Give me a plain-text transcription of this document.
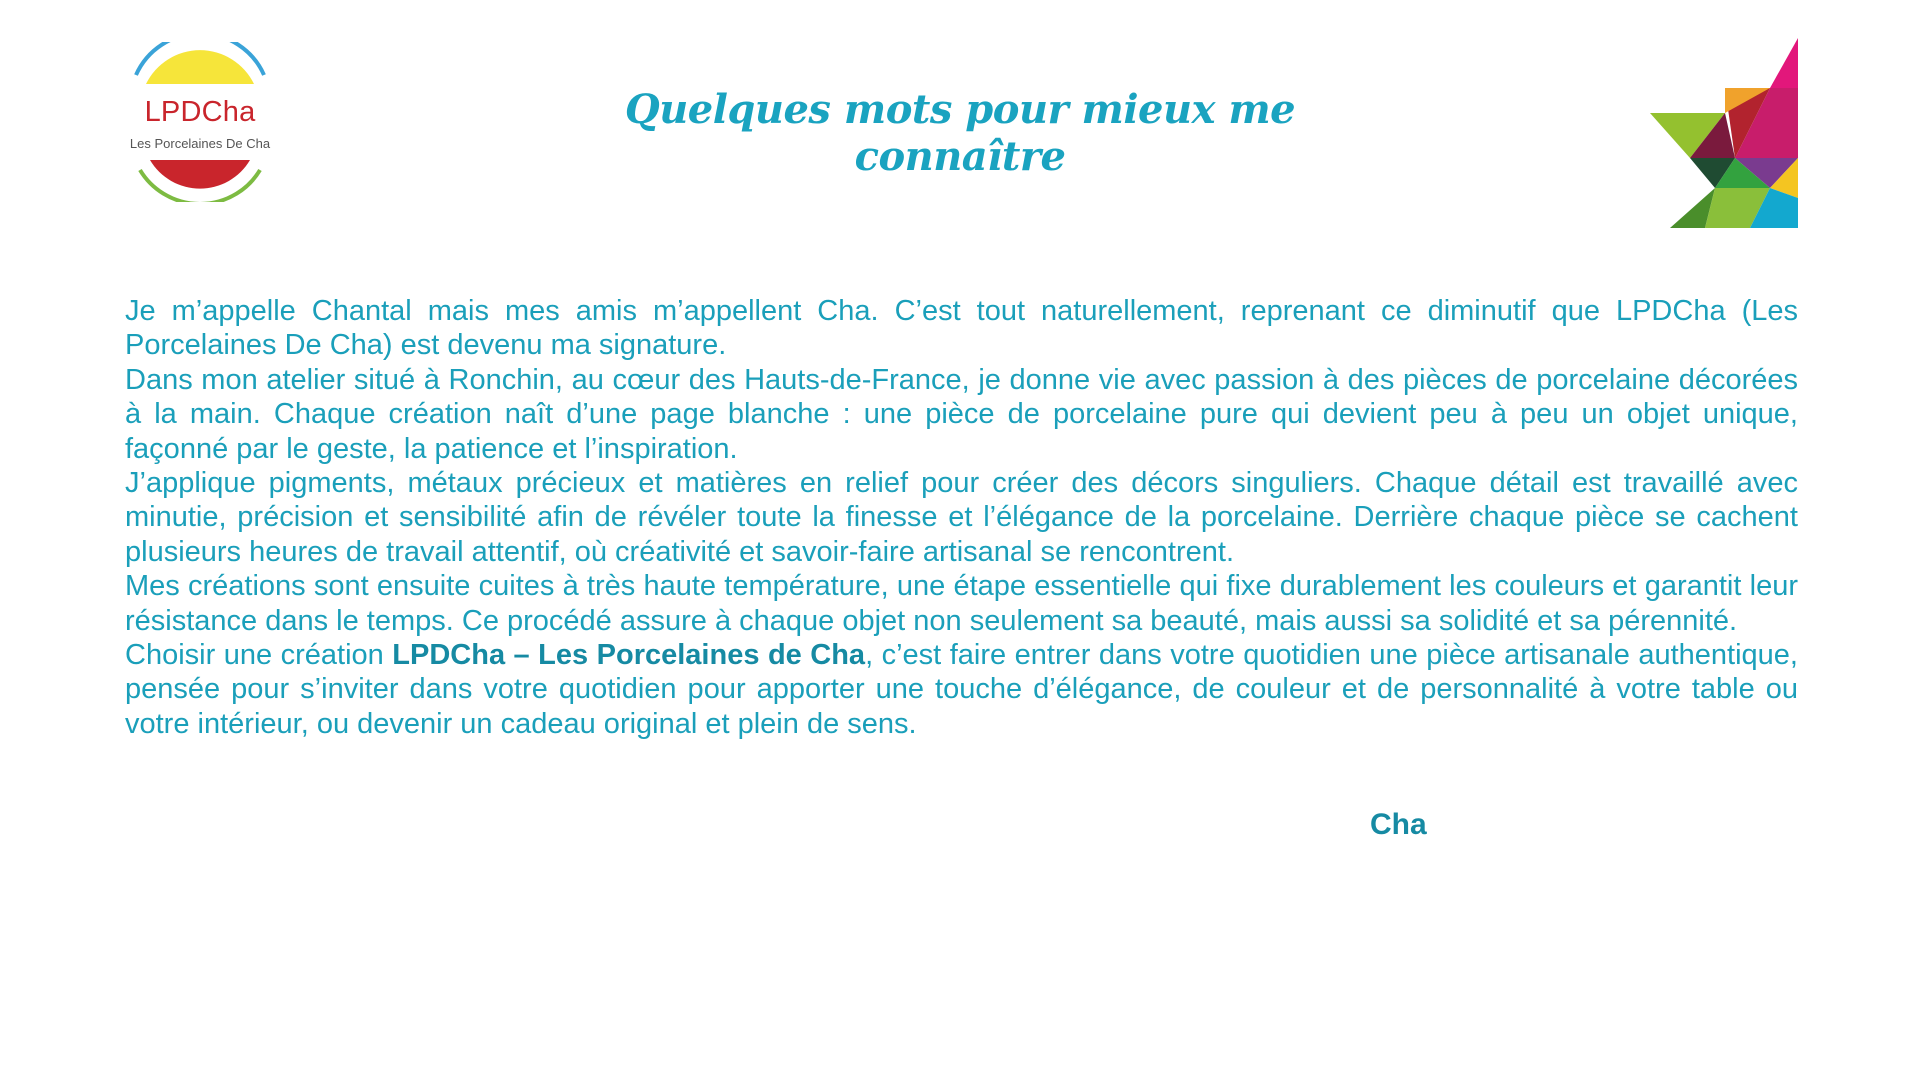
LPDCha
Les Porcelaines De Cha
Quelques mots pour mieux me connaître

Je m’appelle Chantal mais mes amis m’appellent Cha. C’est tout naturellement, reprenant ce diminutif que LPDCha (Les Porcelaines De Cha) est devenu ma signature.

Dans mon atelier situé à Ronchin, au cœur des Hauts-de-France, je donne vie avec passion à des pièces de porcelaine décorées à la main. Chaque création naît d’une page blanche : une pièce de porcelaine pure qui devient peu à peu un objet unique, façonné par le geste, la patience et l’inspiration.

J’applique pigments, métaux précieux et matières en relief pour créer des décors singuliers. Chaque détail est travaillé avec minutie, précision et sensibilité afin de révéler toute la finesse et l’élégance de la porcelaine. Derrière chaque pièce se cachent plusieurs heures de travail attentif, où créativité et savoir-faire artisanal se rencontrent.

Mes créations sont ensuite cuites à très haute température, une étape essentielle qui fixe durablement les couleurs et garantit leur résistance dans le temps. Ce procédé assure à chaque objet non seulement sa beauté, mais aussi sa solidité et sa pérennité.

Choisir une création LPDCha – Les Porcelaines de Cha, c’est faire entrer dans votre quotidien une pièce artisanale authentique, pensée pour s’inviter dans votre quotidien pour apporter une touche d’élégance, de couleur et de personnalité à votre table ou votre intérieur, ou devenir un cadeau original et plein de sens.

Cha
